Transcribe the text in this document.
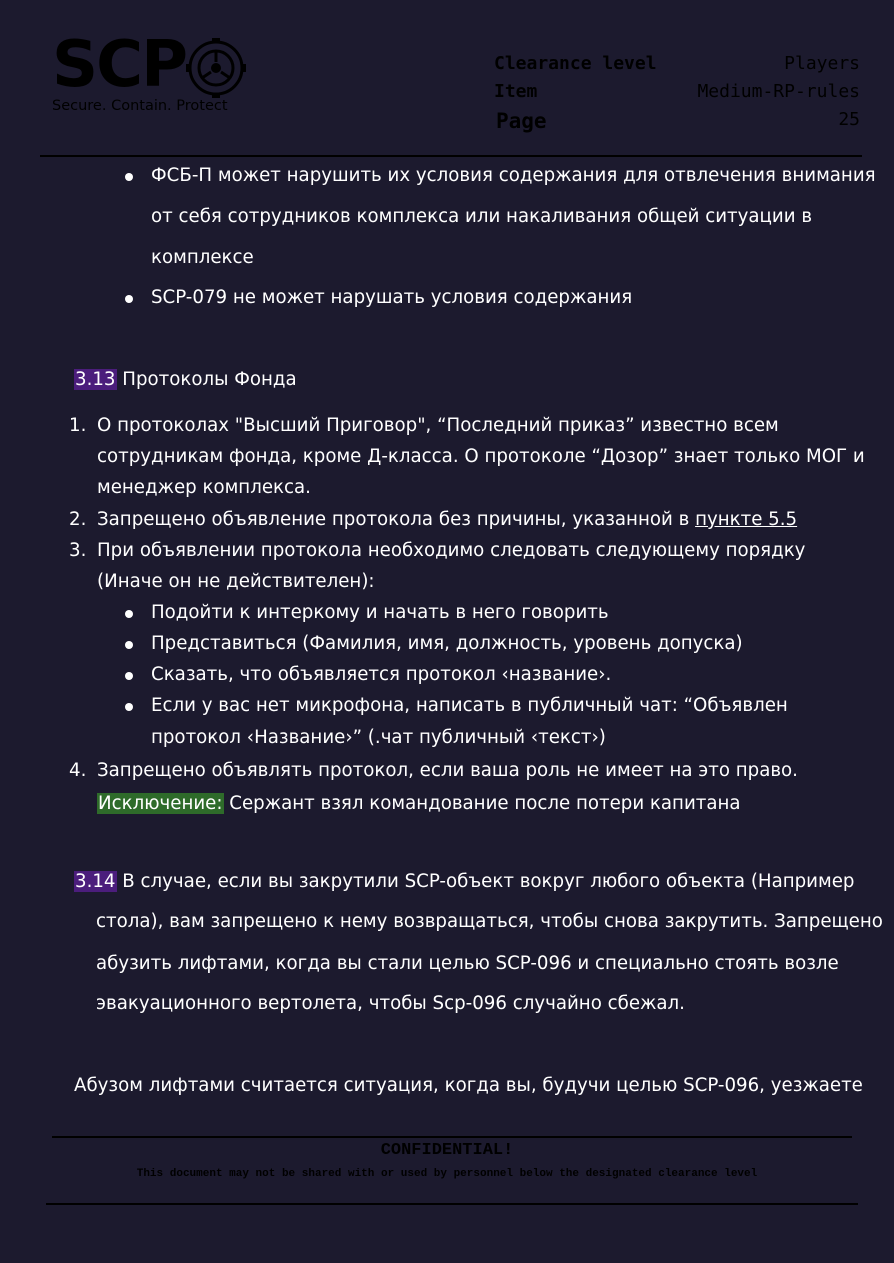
SCP
Secure. Contain. Protect
Clearance level	Players
Item	Medium-RP-rules
Page	25
ФСБ-П может нарушить их условия содержания для отвлечения внимания
от себя сотрудников комплекса или накаливания общей ситуации в
комплексе
SCP-079 не может нарушать условия содержания
3.13 Протоколы Фонда
1. О протоколах "Высший Приговор", “Последний приказ” известно всем
сотрудникам фонда, кроме Д-класса. О протоколе “Дозор” знает только МОГ и
менеджер комплекса.
2. Запрещено объявление протокола без причины, указанной в пункте 5.5
3. При объявлении протокола необходимо следовать следующему порядку
(Иначе он не действителен):
Подойти к интеркому и начать в него говорить
Представиться (Фамилия, имя, должность, уровень допуска)
Сказать, что объявляется протокол ‹название›.
Если у вас нет микрофона, написать в публичный чат: “Объявлен
протокол ‹Название›” (.чат публичный ‹текст›)
4. Запрещено объявлять протокол, если ваша роль не имеет на это право.
Исключение: Сержант взял командование после потери капитана
3.14 В случае, если вы закрутили SCP-объект вокруг любого объекта (Например
стола), вам запрещено к нему возвращаться, чтобы снова закрутить. Запрещено
абузить лифтами, когда вы стали целью SCP-096 и специально стоять возле
эвакуационного вертолета, чтобы Scp-096 случайно сбежал.
Абузом лифтами считается ситуация, когда вы, будучи целью SCP-096, уезжаете
CONFIDENTIAL!
This document may not be shared with or used by personnel below the designated clearance level
